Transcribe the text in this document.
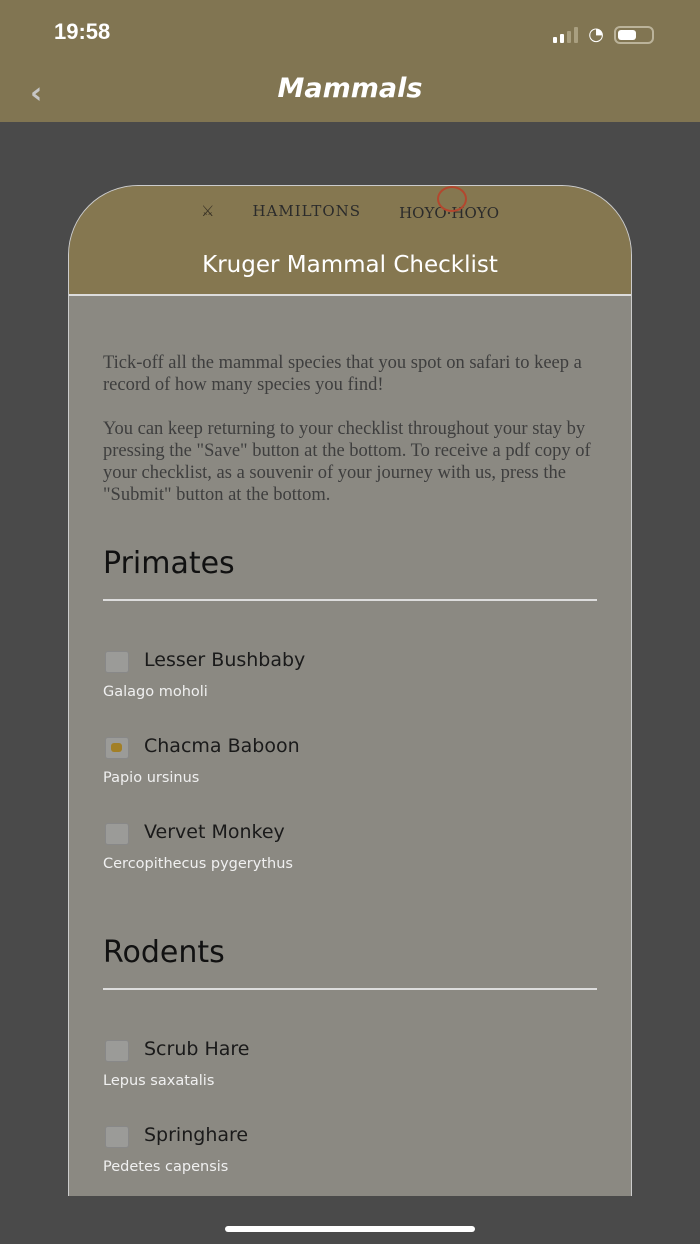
19:58	◔
‹	Mammals
⚔	HAMILTONS	HOYO·HOYO
Kruger Mammal Checklist

Tick-off all the mammal species that you spot on safari to keep a record of how many species you find!

You can keep returning to your checklist throughout your stay by pressing the "Save" button at the bottom. To receive a pdf copy of your checklist, as a souvenir of your journey with us, press the "Submit" button at the bottom.

Primates
Lesser Bushbaby
Galago moholi
Chacma Baboon
Papio ursinus
Vervet Monkey
Cercopithecus pygerythus
Rodents
Scrub Hare
Lepus saxatalis
Springhare
Pedetes capensis
